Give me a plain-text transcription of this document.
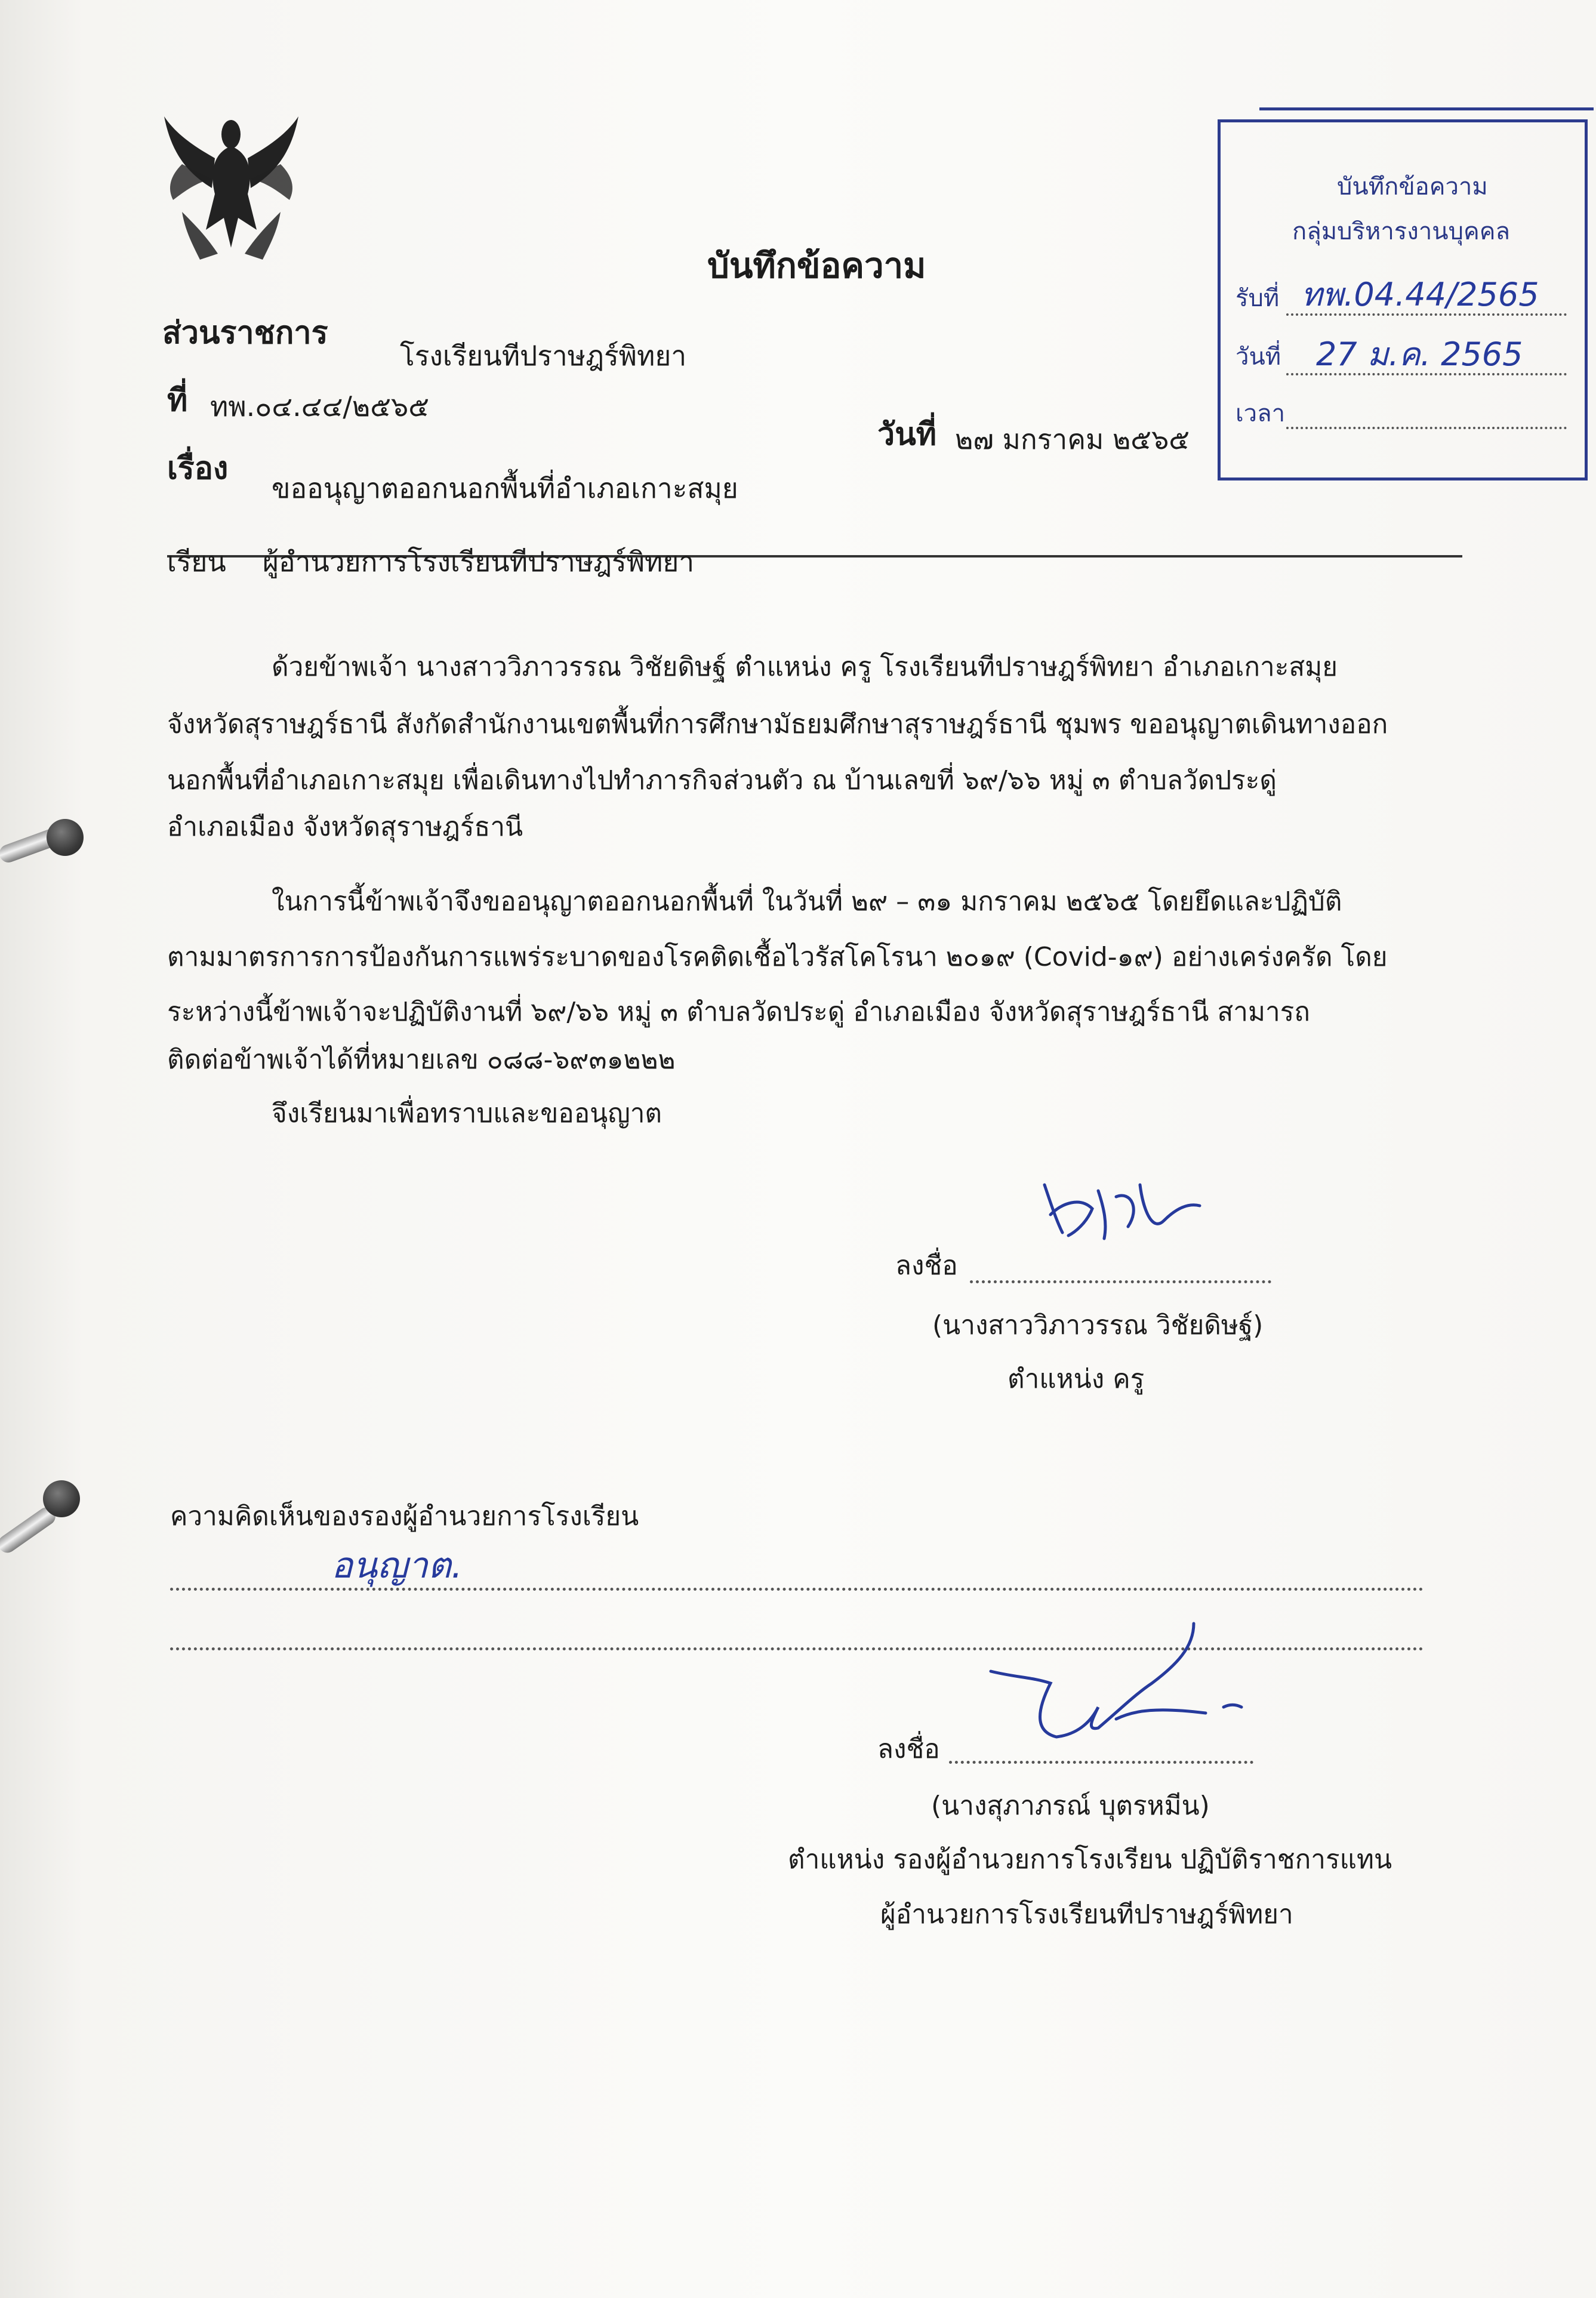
บันทึกข้อความ
ส่วนราชการ
โรงเรียนทีปราษฎร์พิทยา
ที่ ทพ.๐๔.๔๔/๒๕๖๕
วันที่ ๒๗ มกราคม ๒๕๖๕
เรื่อง
ขออนุญาตออกนอกพื้นที่อำเภอเกาะสมุย
บันทึกข้อความ
กลุ่มบริหารงานบุคคล
รับที่ ทพ.04.44/2565
วันที่ 27 ม.ค. 2565
เวลา
เรียน ผู้อำนวยการโรงเรียนทีปราษฎร์พิทยา
ด้วยข้าพเจ้า นางสาววิภาวรรณ วิชัยดิษฐ์ ตำแหน่ง ครู โรงเรียนทีปราษฎร์พิทยา อำเภอเกาะสมุย
จังหวัดสุราษฎร์ธานี สังกัดสำนักงานเขตพื้นที่การศึกษามัธยมศึกษาสุราษฎร์ธานี ชุมพร ขออนุญาตเดินทางออก
นอกพื้นที่อำเภอเกาะสมุย เพื่อเดินทางไปทำภารกิจส่วนตัว ณ บ้านเลขที่ ๖๙/๖๖ หมู่ ๓ ตำบลวัดประดู่
อำเภอเมือง จังหวัดสุราษฎร์ธานี
ในการนี้ข้าพเจ้าจึงขออนุญาตออกนอกพื้นที่ ในวันที่ ๒๙ – ๓๑ มกราคม ๒๕๖๕ โดยยึดและปฏิบัติ
ตามมาตรการการป้องกันการแพร่ระบาดของโรคติดเชื้อไวรัสโคโรนา ๒๐๑๙ (Covid-๑๙) อย่างเคร่งครัด โดย
ระหว่างนี้ข้าพเจ้าจะปฏิบัติงานที่ ๖๙/๖๖ หมู่ ๓ ตำบลวัดประดู่ อำเภอเมือง จังหวัดสุราษฎร์ธานี สามารถ
ติดต่อข้าพเจ้าได้ที่หมายเลข ๐๘๘-๖๙๓๑๒๒๒
จึงเรียนมาเพื่อทราบและขออนุญาต
ลงชื่อ
(นางสาววิภาวรรณ วิชัยดิษฐ์)
ตำแหน่ง ครู
ความคิดเห็นของรองผู้อำนวยการโรงเรียน
อนุญาต.
ลงชื่อ
(นางสุภาภรณ์ บุตรหมีน)
ตำแหน่ง รองผู้อำนวยการโรงเรียน ปฏิบัติราชการแทน
ผู้อำนวยการโรงเรียนทีปราษฎร์พิทยา
